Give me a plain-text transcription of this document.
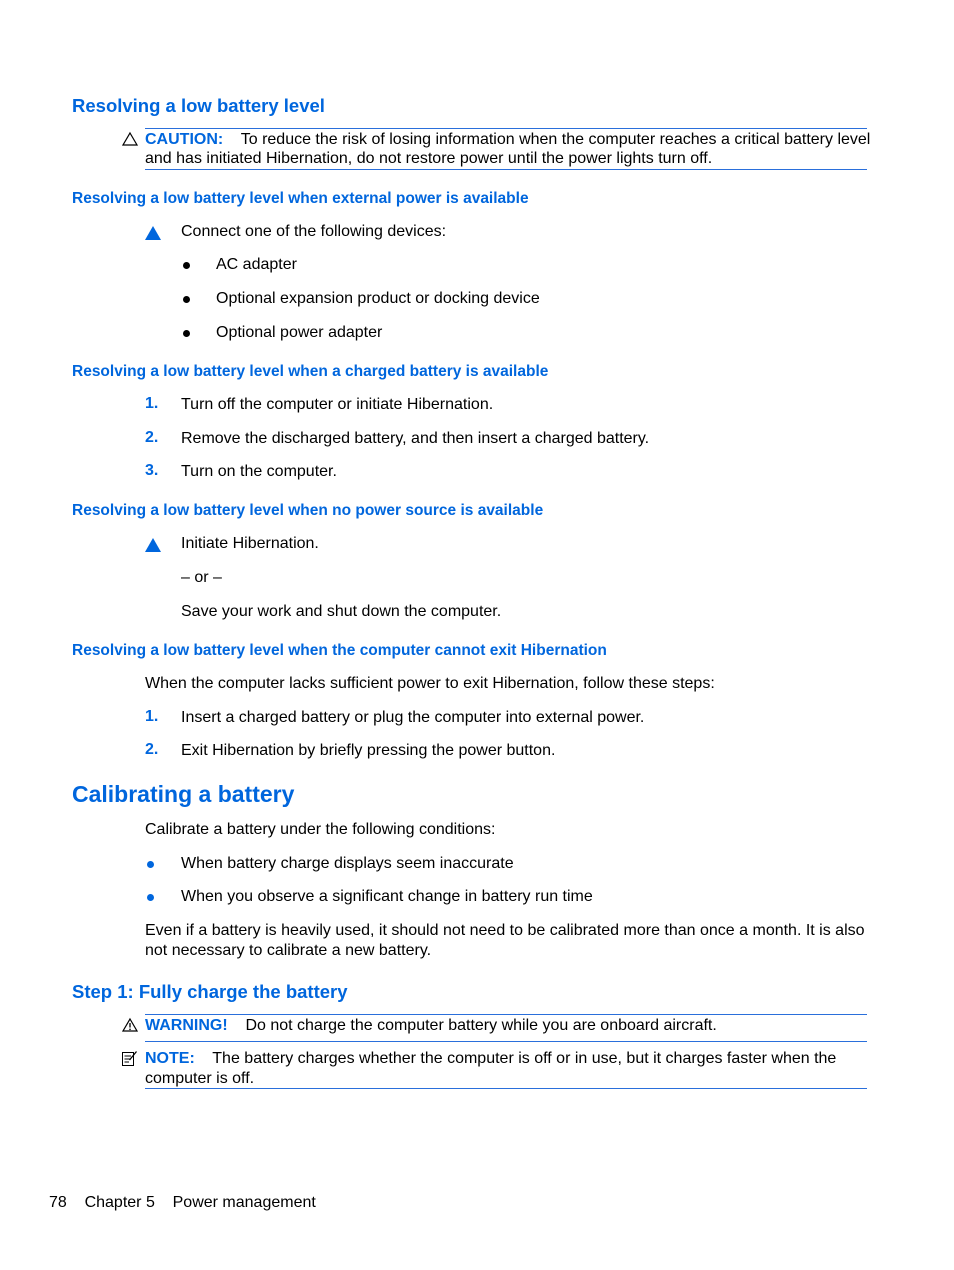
Resolving a low battery level
CAUTION: To reduce the risk of losing information when the computer reaches a critical battery level
and has initiated Hibernation, do not restore power until the power lights turn off.
Resolving a low battery level when external power is available
Connect one of the following devices:
AC adapter
Optional expansion product or docking device
Optional power adapter
Resolving a low battery level when a charged battery is available
1. Turn off the computer or initiate Hibernation.
2. Remove the discharged battery, and then insert a charged battery.
3. Turn on the computer.
Resolving a low battery level when no power source is available
Initiate Hibernation.
– or –
Save your work and shut down the computer.
Resolving a low battery level when the computer cannot exit Hibernation
When the computer lacks sufficient power to exit Hibernation, follow these steps:
1. Insert a charged battery or plug the computer into external power.
2. Exit Hibernation by briefly pressing the power button.
Calibrating a battery
Calibrate a battery under the following conditions:
When battery charge displays seem inaccurate
When you observe a significant change in battery run time
Even if a battery is heavily used, it should not need to be calibrated more than once a month. It is also not necessary to calibrate a new battery.
Step 1: Fully charge the battery
WARNING! Do not charge the computer battery while you are onboard aircraft.
NOTE: The battery charges whether the computer is off or in use, but it charges faster when the
computer is off.
78 Chapter 5 Power management
